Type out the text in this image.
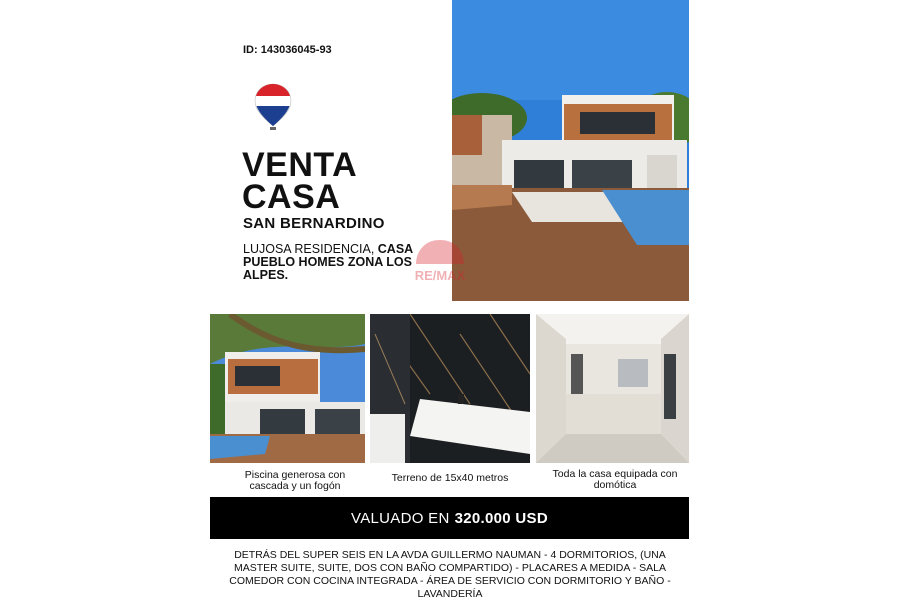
ID: 143036045-93
VENTA
CASA
SAN BERNARDINO
LUJOSA RESIDENCIA, CASA PUEBLO HOMES ZONA LOS ALPES.	RE/MAX
Piscina generosa con cascada y un fogón
Terreno de 15x40 metros	Toda la casa equipada con domótica
VALUADO EN 320.000 USD
DETRÁS DEL SUPER SEIS EN LA AVDA GUILLERMO NAUMAN - 4 DORMITORIOS, (UNA MASTER SUITE, SUITE, DOS CON BAÑO COMPARTIDO) - PLACARES A MEDIDA - SALA COMEDOR CON COCINA INTEGRADA - ÁREA DE SERVICIO CON DORMITORIO Y BAÑO - LAVANDERÍA
